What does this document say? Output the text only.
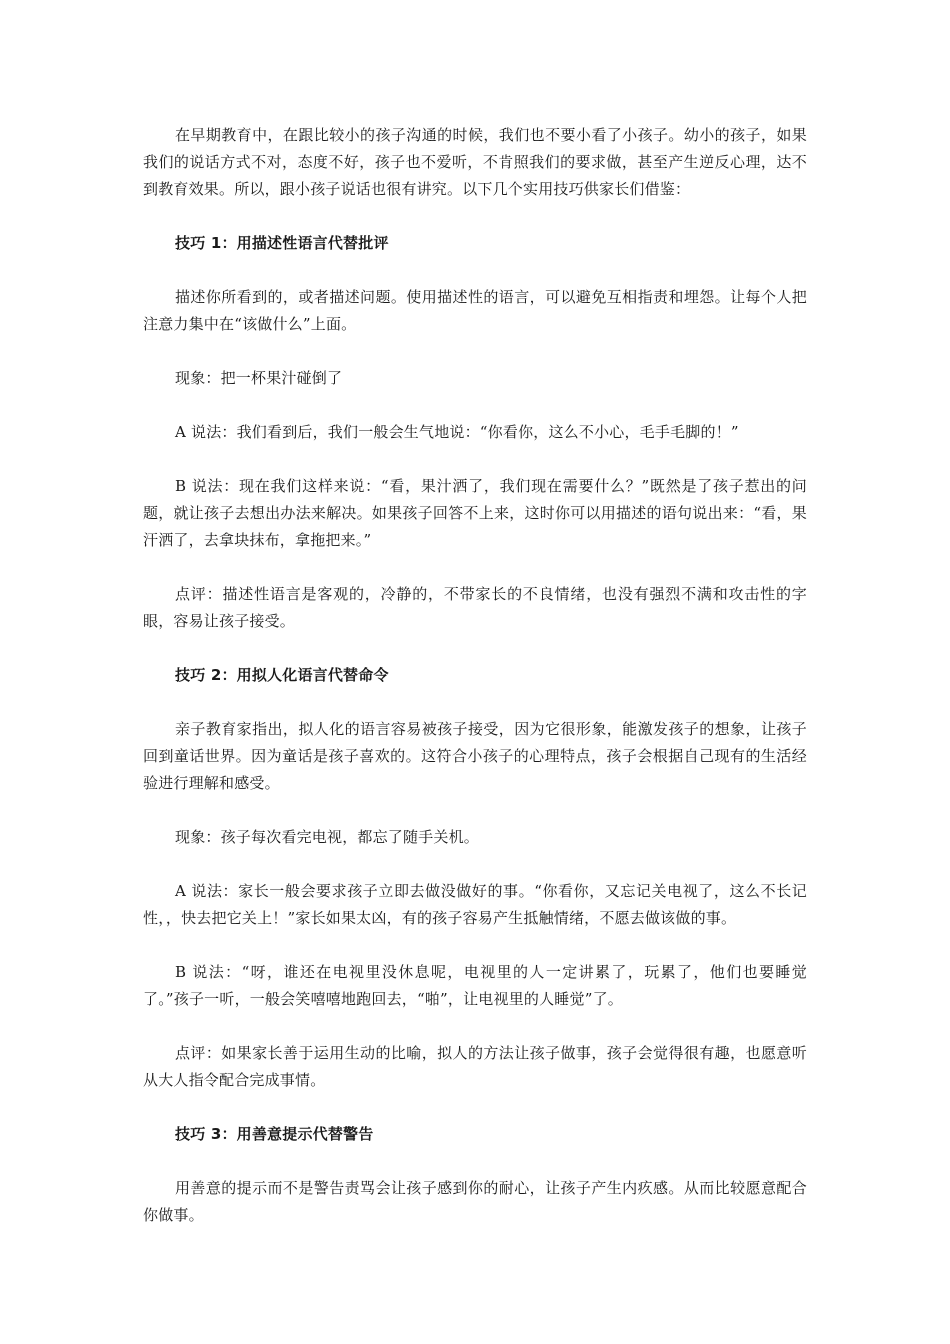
在早期教育中，在跟比较小的孩子沟通的时候，我们也不要小看了小孩子。幼小的孩子，如果我们的说话方式不对，态度不好，孩子也不爱听，不肯照我们的要求做，甚至产生逆反心理，达不到教育效果。所以，跟小孩子说话也很有讲究。以下几个实用技巧供家长们借鉴：

技巧 1：用描述性语言代替批评

描述你所看到的，或者描述问题。使用描述性的语言，可以避免互相指责和埋怨。让每个人把注意力集中在“该做什么”上面。

现象：把一杯果汁碰倒了

A 说法：我们看到后，我们一般会生气地说：“你看你，这么不小心，毛手毛脚的！”

B 说法：现在我们这样来说：“看，果汁洒了，我们现在需要什么？”既然是了孩子惹出的问题，就让孩子去想出办法来解决。如果孩子回答不上来，这时你可以用描述的语句说出来：“看，果汗洒了，去拿块抹布，拿拖把来。”

点评：描述性语言是客观的，冷静的，不带家长的不良情绪，也没有强烈不满和攻击性的字眼，容易让孩子接受。

技巧 2：用拟人化语言代替命令

亲子教育家指出，拟人化的语言容易被孩子接受，因为它很形象，能激发孩子的想象，让孩子回到童话世界。因为童话是孩子喜欢的。这符合小孩子的心理特点，孩子会根据自己现有的生活经验进行理解和感受。

现象：孩子每次看完电视，都忘了随手关机。

A 说法：家长一般会要求孩子立即去做没做好的事。“你看你，又忘记关电视了，这么不长记性，，快去把它关上！”家长如果太凶，有的孩子容易产生抵触情绪，不愿去做该做的事。

B 说法：“呀，谁还在电视里没休息呢，电视里的人一定讲累了，玩累了，他们也要睡觉了。”孩子一听，一般会笑嘻嘻地跑回去，“啪”，让电视里的人睡觉”了。

点评：如果家长善于运用生动的比喻，拟人的方法让孩子做事，孩子会觉得很有趣，也愿意听从大人指令配合完成事情。

技巧 3：用善意提示代替警告

用善意的提示而不是警告责骂会让孩子感到你的耐心，让孩子产生内疚感。从而比较愿意配合你做事。
